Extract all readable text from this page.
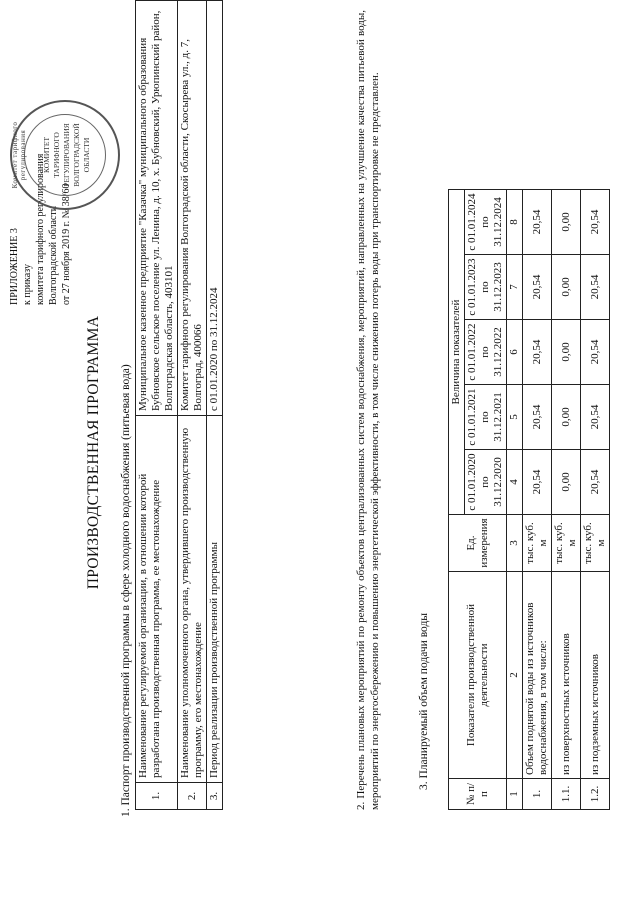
ПРИЛОЖЕНИЕ 3 к приказу комитета тарифного регулирования Волгоградской области от 27 ноября 2019 г. № 38/60
Комитет тарифного регулирования КОМИТЕТ ТАРИФНОГО РЕГУЛИРОВАНИЯ ВОЛГОГРАДСКОЙ ОБЛАСТИ
ПРОИЗВОДСТВЕННАЯ ПРОГРАММА 1. Паспорт производственной программы в сфере холодного водоснабжения (питьевая вода) 1.	Наименование регулируемой организации, в отношении которой разработана производственная программа, ее местонахождение	Муниципальное казенное предприятие "Казачка" муниципального образования Бубновское сельское поселение ул. Ленина, д. 10, х. Бубновский, Урюпинский район, Волгоградская область, 403101
2.	Наименование уполномоченного органа, утвердившего производственную программу, его местонахождение	Комитет тарифного регулирования Волгоградской области, Скосырева ул., д. 7, Волгоград, 400066
3.	Период реализации производственной программы	с 01.01.2020 по 31.12.2024	2. Перечень плановых мероприятий по ремонту объектов централизованных систем водоснабжения, мероприятий, направленных на улучшение качества питьевой воды, мероприятий по энергосбережению и повышению энергетической эффективности, в том числе снижению потерь воды при транспортировке не представлен.	3. Планируемый объем подачи воды
№ п/п	Показатели производственной деятельности	Ед. измерения	Величина показателей				
			с 01.01.2020 по 31.12.2020	с 01.01.2021 по 31.12.2021	с 01.01.2022 по 31.12.2022	с 01.01.2023 по 31.12.2023	с 01.01.2024 по 31.12.2024
1	2	3	4	5	6	7	8
1.	Объем поднятой воды из источников водоснабжения, в том числе:	тыс. куб. м	20,54	20,54	20,54	20,54	20,54
1.1.	из поверхностных источников	тыс. куб. м	0,00	0,00	0,00	0,00	0,00
1.2.	из подземных источников	тыс. куб. м	20,54	20,54	20,54	20,54	20,54
